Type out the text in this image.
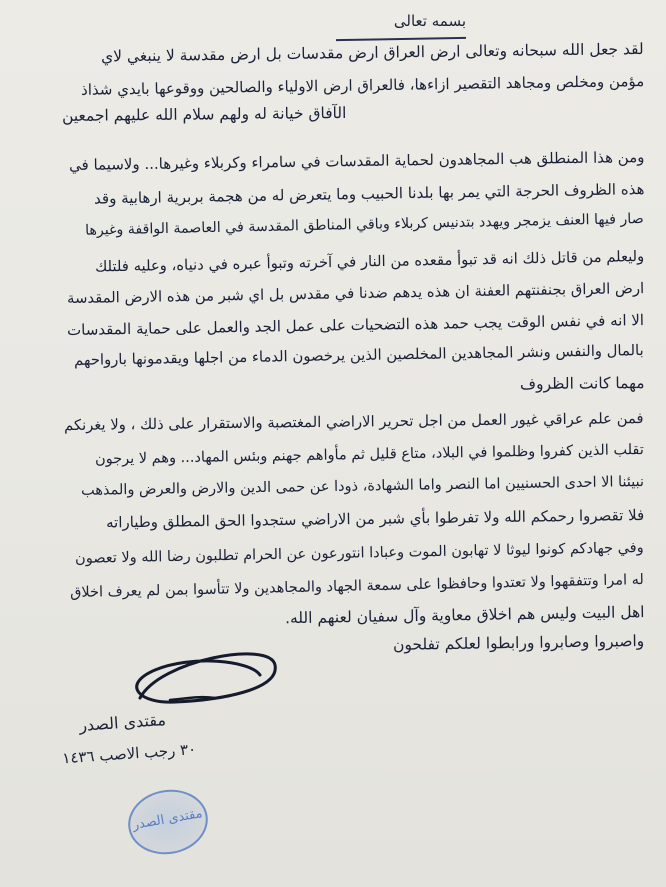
بسمه تعالى
لقد جعل الله سبحانه وتعالى ارض العراق ارض مقدسات بل ارض مقدسة لا ينبغي لاي
مؤمن ومخلص ومجاهد التقصير ازاءها، فالعراق ارض الاولياء والصالحين ووقوعها بايدي شذاذ
الآفاق خيانة له ولهم سلام الله عليهم اجمعين
ومن هذا المنطلق هب المجاهدون لحماية المقدسات في سامراء وكربلاء وغيرها... ولاسيما في
هذه الظروف الحرجة التي يمر بها بلدنا الحبيب وما يتعرض له من هجمة بربرية ارهابية وقد
صار فيها العنف يزمجر ويهدد بتدنيس كربلاء وباقي المناطق المقدسة في العاصمة الواقفة وغيرها
وليعلم من قاتل ذلك انه قد تبوأ مقعده من النار في آخرته وتبوأ عبره في دنياه، وعليه فلتلك
ارض العراق بجنفنتهم العفنة ان هذه يدهم ضدنا في مقدس بل اي شبر من هذه الارض المقدسة
الا انه في نفس الوقت يجب حمد هذه التضحيات على عمل الجد والعمل على حماية المقدسات
بالمال والنفس ونشر المجاهدين المخلصين الذين يرخصون الدماء من اجلها ويقدمونها بارواحهم
مهما كانت الظروف
فمن علم عراقي غيور العمل من اجل تحرير الاراضي المغتصبة والاستقرار على ذلك ، ولا يغرنكم
تقلب الذين كفروا وظلموا في البلاد، متاع قليل ثم مأواهم جهنم وبئس المهاد... وهم لا يرجون
نبيئنا الا احدى الحسنيين اما النصر واما الشهادة، ذودا عن حمى الدين والارض والعرض والمذهب
فلا تقصروا رحمكم الله ولا تفرطوا بأي شبر من الاراضي ستجدوا الحق المطلق وطياراته
وفي جهادكم كونوا ليوثا لا تهابون الموت وعبادا انتورعون عن الحرام تطلبون رضا الله ولا تعصون
له امرا وتتفقهوا ولا تعتدوا وحافظوا على سمعة الجهاد والمجاهدين ولا تتأسوا بمن لم يعرف اخلاق
اهل البيت وليس هم اخلاق معاوية وآل سفيان لعنهم الله.
واصبروا وصابروا ورابطوا لعلكم تفلحون
مقتدى الصدر
٣٠ رجب الاصب ١٤٣٦
مقتدى الصدر
